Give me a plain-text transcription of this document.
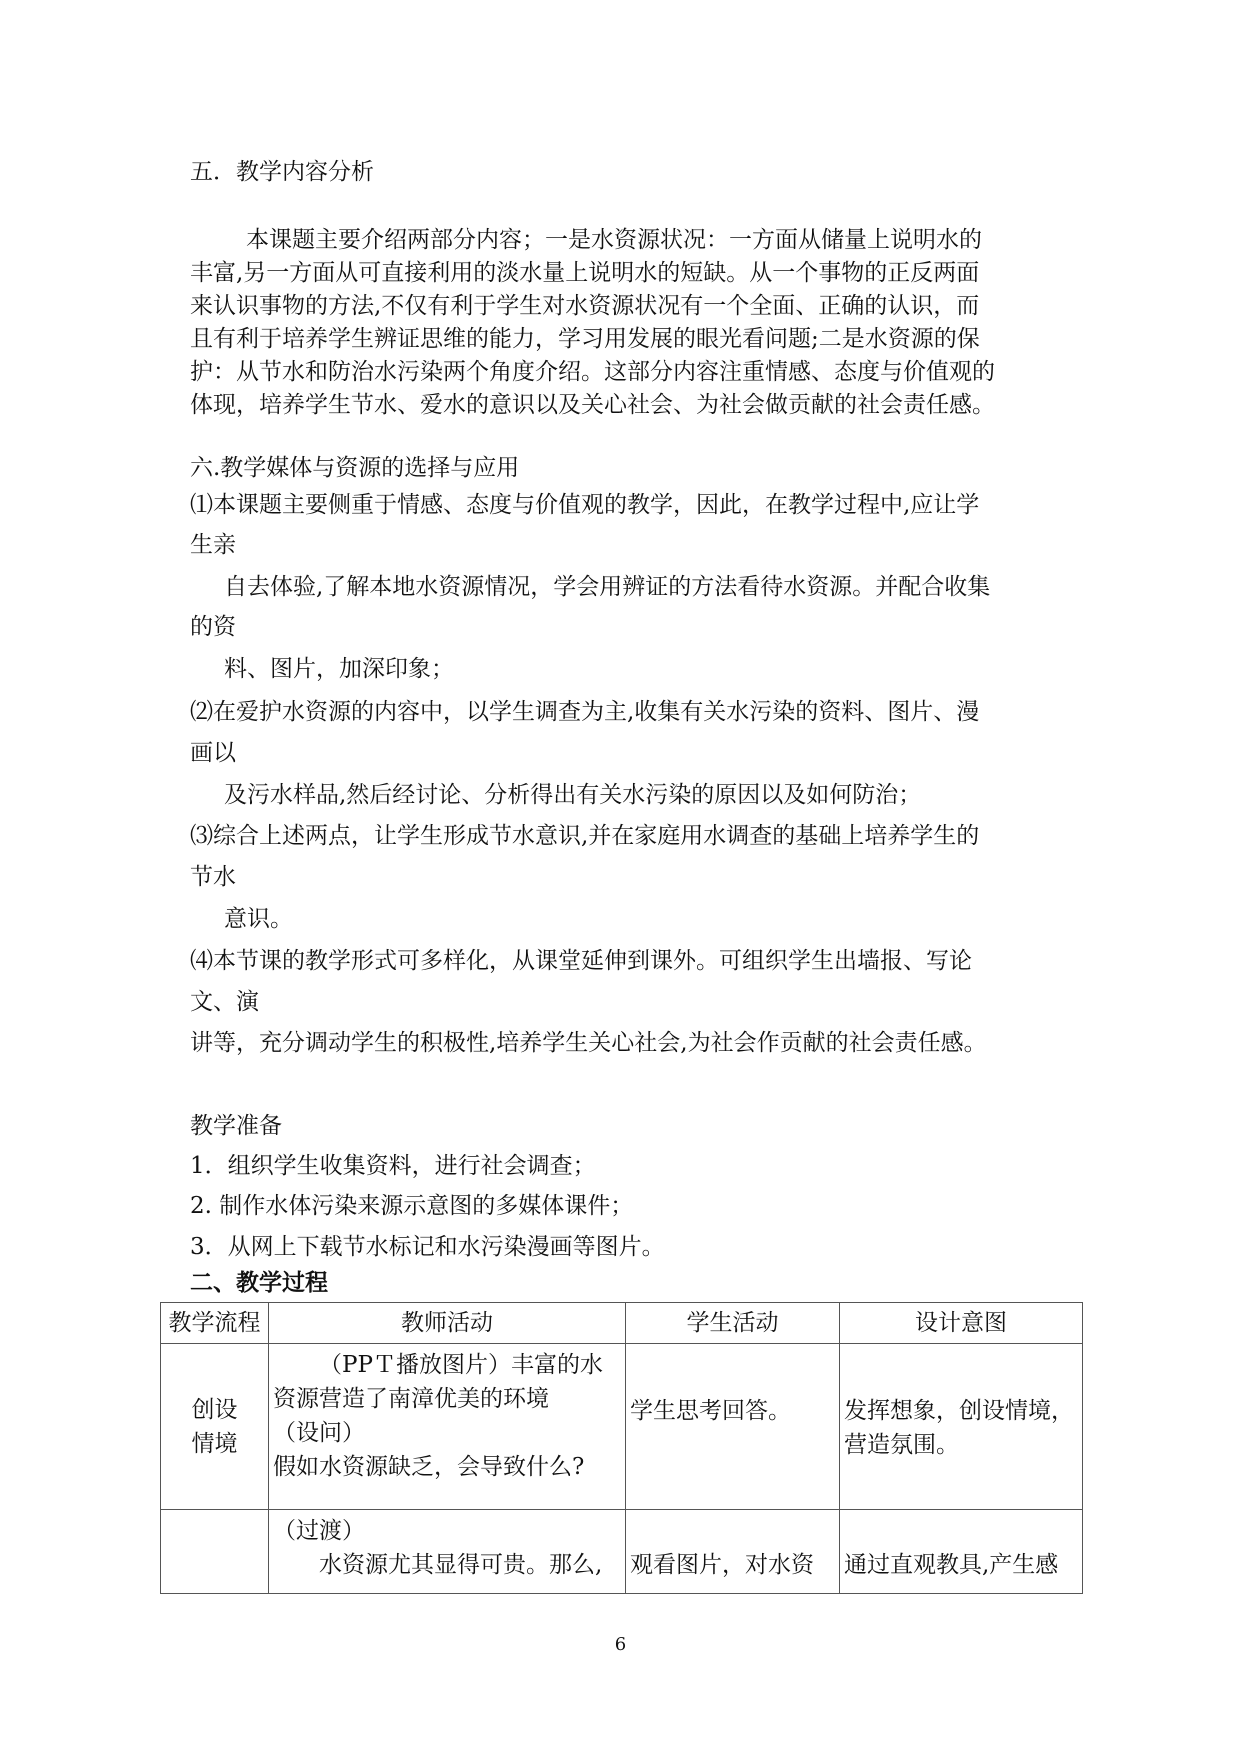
五．教学内容分析
本课题主要介绍两部分内容；一是水资源状况：一方面从储量上说明水的
丰富,另一方面从可直接利用的淡水量上说明水的短缺。从一个事物的正反两面
来认识事物的方法,不仅有利于学生对水资源状况有一个全面、正确的认识，而
且有利于培养学生辨证思维的能力，学习用发展的眼光看问题;二是水资源的保
护：从节水和防治水污染两个角度介绍。这部分内容注重情感、态度与价值观的
体现，培养学生节水、爱水的意识以及关心社会、为社会做贡献的社会责任感。
六.教学媒体与资源的选择与应用
⑴本课题主要侧重于情感、态度与价值观的教学，因此，在教学过程中,应让学
生亲
自去体验,了解本地水资源情况，学会用辨证的方法看待水资源。并配合收集
的资
料、图片，加深印象；
⑵在爱护水资源的内容中，以学生调查为主,收集有关水污染的资料、图片、漫
画以
及污水样品,然后经讨论、分析得出有关水污染的原因以及如何防治；
⑶综合上述两点，让学生形成节水意识,并在家庭用水调查的基础上培养学生的
节水
意识。
⑷本节课的教学形式可多样化，从课堂延伸到课外。可组织学生出墙报、写论
文、演
讲等，充分调动学生的积极性,培养学生关心社会,为社会作贡献的社会责任感。
教学准备
1．组织学生收集资料，进行社会调查；
2. 制作水体污染来源示意图的多媒体课件；
3．从网上下载节水标记和水污染漫画等图片。
二、教学过程
教学流程	教师活动	学生活动	设计意图

创设情境	（PPＴ播放图片）丰富的水
资源营造了南漳优美的环境
（设问）
假如水资源缺乏，会导致什么?	学生思考回答。	发挥想象，创设情境，营造氛围。

	（过渡）
水资源尤其显得可贵。那么,	观看图片，对水资	通过直观教具,产生感
6
